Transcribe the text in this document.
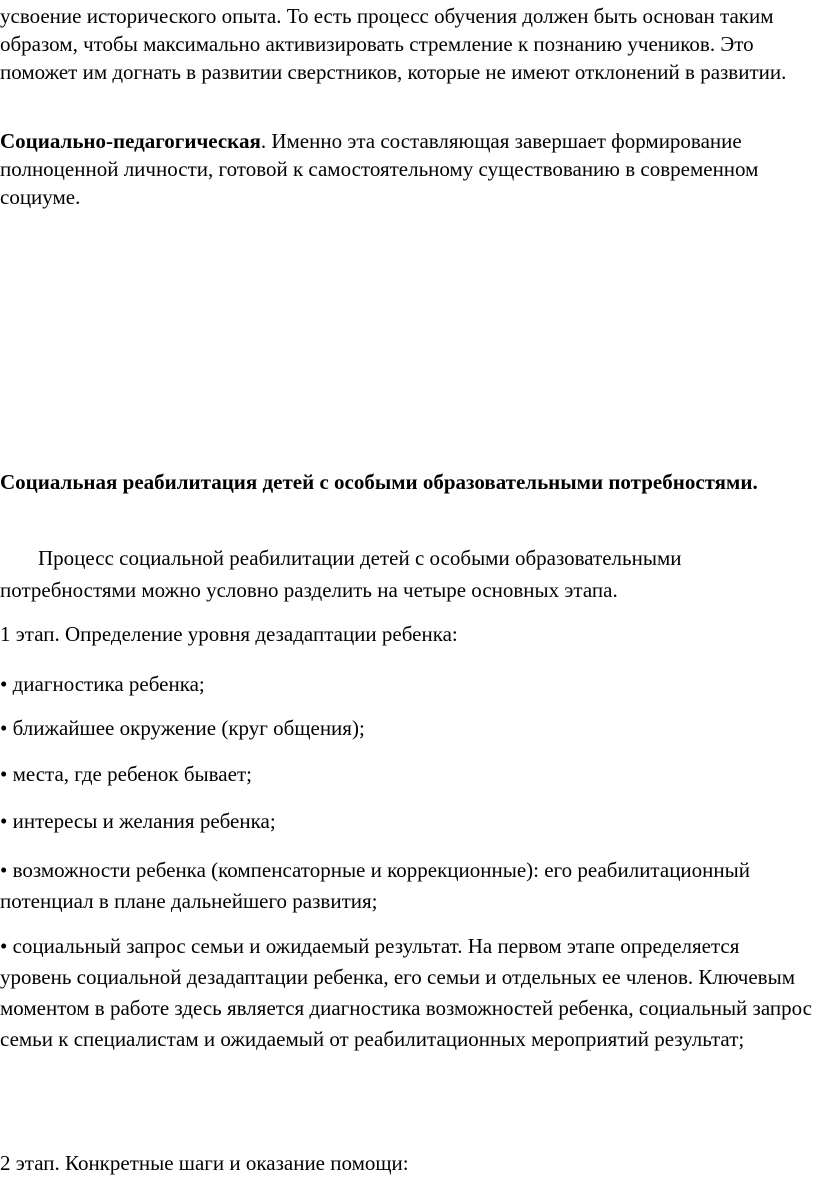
усвоение исторического опыта. То есть процесс обучения должен быть основан таким образом, чтобы максимально активизировать стремление к познанию учеников. Это поможет им догнать в развитии сверстников, которые не имеют отклонений в развитии.

Социально-педагогическая. Именно эта составляющая завершает формирование полноценной личности, готовой к самостоятельному существованию в современном социуме.

Социальная реабилитация детей с особыми образовательными потребностями.

Процесс социальной реабилитации детей с особыми образовательными потребностями можно условно разделить на четыре основных этапа.

1 этап. Определение уровня дезадаптации ребенка:

• диагностика ребенка;

• ближайшее окружение (круг общения);

• места, где ребенок бывает;

• интересы и желания ребенка;

• возможности ребенка (компенсаторные и коррекционные): его реабилитационный потенциал в плане дальнейшего развития;

• социальный запрос семьи и ожидаемый результат. На первом этапе определяется уровень социальной дезадаптации ребенка, его семьи и отдельных ее членов. Ключевым моментом в работе здесь является диагностика возможностей ребенка, социальный запрос семьи к специалистам и ожидаемый от реабилитационных мероприятий результат;

2 этап. Конкретные шаги и оказание помощи:
